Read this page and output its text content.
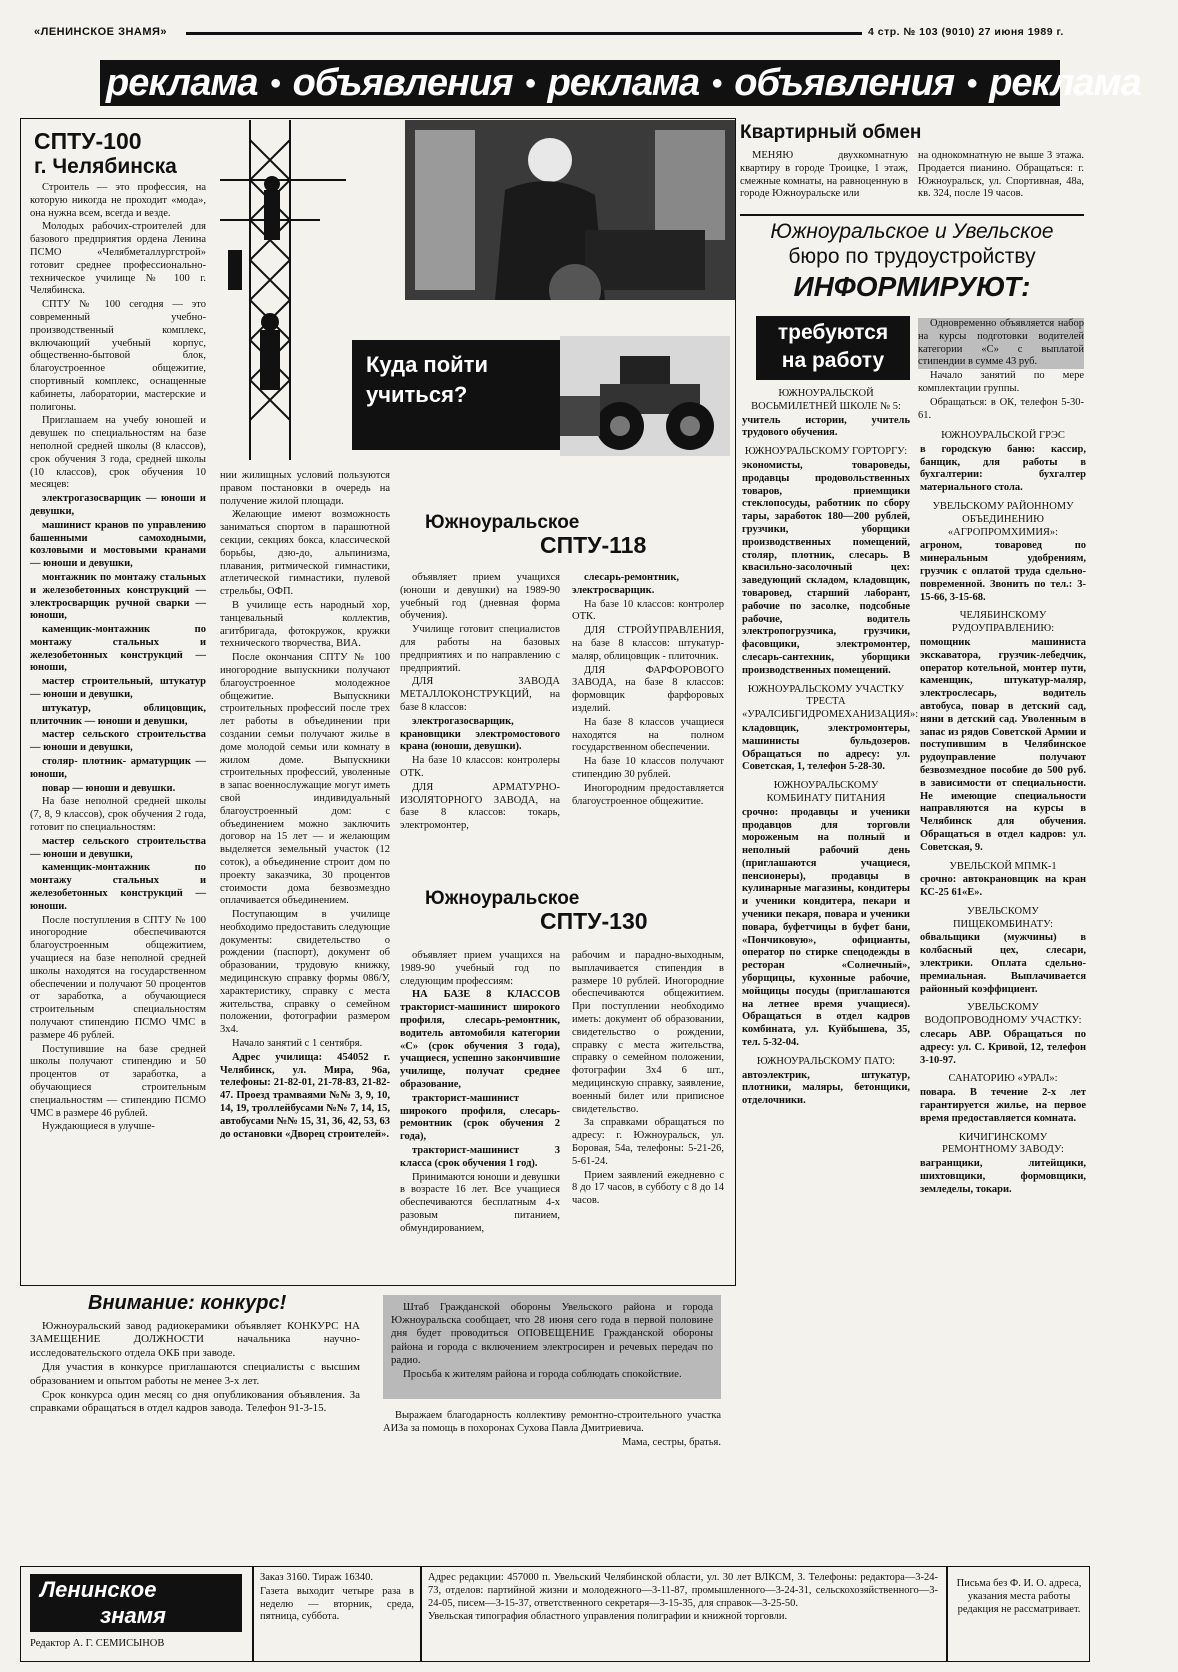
«ЛЕНИНСКОЕ ЗНАМЯ»	4 стр. № 103 (9010) 27 июня 1989 г.
реклама ● объявления ● реклама ● объявления ● реклама
СПТУ-100
г. Челябинска
Куда пойти учиться?

Строитель — это профессия, на которую никогда не проходит «мода», она нужна всем, всегда и везде.

Молодых рабочих-строителей для базового предприятия ордена Ленина ПСМО «Челябметаллургстрой» готовит среднее профессионально-техническое училище № 100 г. Челябинска.

СПТУ № 100 сегодня — это современный учебно-производственный комплекс, включающий учебный корпус, общественно-бытовой блок, благоустроенное общежитие, спортивный комплекс, оснащенные кабинеты, лаборатории, мастерские и полигоны.

Приглашаем на учебу юношей и девушек по специальностям на базе неполной средней школы (8 классов), срок обучения 3 года, средней школы (10 классов), срок обучения 10 месяцев:

электрогазосварщик — юноши и девушки,

машинист кранов по управлению башенными самоходными, козловыми и мостовыми кранами — юноши и девушки,

монтажник по монтажу стальных и железобетонных конструкций — электросварщик ручной сварки — юноши,

каменщик-монтажник по монтажу стальных и железобетонных конструкций — юноши,

мастер строительный, штукатур — юноши и девушки,

штукатур, облицовщик, плиточник — юноши и девушки,

мастер сельского строительства — юноши и девушки,

столяр- плотник- арматурщик — юноши,

повар — юноши и девушки.

На базе неполной средней школы (7, 8, 9 классов), срок обучения 2 года, готовит по специальностям:

мастер сельского строительства — юноши и девушки,

каменщик-монтажник по монтажу стальных и железобетонных конструкций — юноши.

После поступления в СПТУ № 100 иногородние обеспечиваются благоустроенным общежитием, учащиеся на базе неполной средней школы находятся на государственном обеспечении и получают 50 процентов от заработка, а обучающиеся строительным специальностям получают стипендию ПСМО ЧМС в размере 46 рублей.

Поступившие на базе средней школы получают стипендию и 50 процентов от заработка, а обучающиеся строительным специальностям — стипендию ПСМО ЧМС в размере 46 рублей.

Нуждающиеся в улучше-

нии жилищных условий пользуются правом постановки в очередь на получение жилой площади.

Желающие имеют возможность заниматься спортом в парашютной секции, секциях бокса, классической борьбы, дзю-до, альпинизма, плавания, ритмической гимнастики, атлетической гимнастики, пулевой стрельбы, ОФП.

В училище есть народный хор, танцевальный коллектив, агитбригада, фотокружок, кружки технического творчества, ВИА.

После окончания СПТУ № 100 иногородние выпускники получают благоустроенное молодежное общежитие. Выпускники строительных профессий после трех лет работы в объединении при создании семьи получают жилье в доме молодой семьи или комнату в жилом доме. Выпускники строительных профессий, уволенные в запас военнослужащие могут иметь свой индивидуальный благоустроенный дом: с объединением можно заключить договор на 15 лет — и желающим выделяется земельный участок (12 соток), а объединение строит дом по проекту заказчика, 30 процентов стоимости дома безвозмездно оплачивается объединением.

Поступающим в училище необходимо предоставить следующие документы: свидетельство о рождении (паспорт), документ об образовании, трудовую книжку, медицинскую справку формы 086/У, характеристику, справку с места жительства, справку о семейном положении, фотографии размером 3х4.

Начало занятий с 1 сентября.

Адрес училища: 454052 г. Челябинск, ул. Мира, 96а, телефоны: 21-82-01, 21-78-83, 21-82-47. Проезд трамваями №№ 3, 9, 10, 14, 19, троллейбусами №№ 7, 14, 15, автобусами №№ 15, 31, 36, 42, 53, 63 до остановки «Дворец строителей».

Южноуральское
СПТУ-118

объявляет прием учащихся (юноши и девушки) на 1989-90 учебный год (дневная форма обучения).

Училище готовит специалистов для работы на базовых предприятиях и по направлению с предприятий.

ДЛЯ ЗАВОДА МЕТАЛЛОКОНСТРУКЦИЙ, на базе 8 классов:

электрогазосварщик, крановщики электромостового крана (юноши, девушки).

На базе 10 классов: контролеры ОТК.

ДЛЯ АРМАТУРНО-ИЗОЛЯТОРНОГО ЗАВОДА, на базе 8 классов: токарь, электромонтер,

слесарь-ремонтник, электросварщик.

На базе 10 классов: контролер ОТК.

ДЛЯ СТРОЙУПРАВЛЕНИЯ, на базе 8 классов: штукатур-маляр, облицовщик - плиточник.

ДЛЯ ФАРФОРОВОГО ЗАВОДА, на базе 8 классов: формовщик фарфоровых изделий.

На базе 8 классов учащиеся находятся на полном государственном обеспечении.

На базе 10 классов получают стипендию 30 рублей.

Иногородним предоставляется благоустроенное общежитие.

Южноуральское
СПТУ-130

объявляет прием учащихся на 1989-90 учебный год по следующим профессиям:

НА БАЗЕ 8 КЛАССОВ тракторист-машинист широкого профиля, слесарь-ремонтник, водитель автомобиля категории «С» (срок обучения 3 года), учащиеся, успешно закончившие училище, получат среднее образование,

тракторист-машинист широкого профиля, слесарь-ремонтник (срок обучения 2 года),

тракторист-машинист 3 класса (срок обучения 1 год).

Принимаются юноши и девушки в возрасте 16 лет. Все учащиеся обеспечиваются бесплатным 4-х разовым питанием, обмундированием,

рабочим и парадно-выходным, выплачивается стипендия в размере 10 рублей. Иногородние обеспечиваются общежитием. При поступлении необходимо иметь: документ об образовании, свидетельство о рождении, справку с места жительства, справку о семейном положении, фотографии 3х4 6 шт., медицинскую справку, заявление, военный билет или приписное свидетельство.

За справками обращаться по адресу: г. Южноуральск, ул. Боровая, 54а, телефоны: 5-21-26, 5-61-24.

Прием заявлений ежедневно с 8 до 17 часов, в субботу с 8 до 14 часов.

Внимание: конкурс!

Южноуральский завод радиокерамики объявляет КОНКУРС НА ЗАМЕЩЕНИЕ ДОЛЖНОСТИ начальника научно-исследовательского отдела ОКБ при заводе.

Для участия в конкурсе приглашаются специалисты с высшим образованием и опытом работы не менее 3-х лет.

Срок конкурса один месяц со дня опубликования объявления. За справками обращаться в отдел кадров завода. Телефон 91-3-15.

Штаб Гражданской обороны Увельского района и города Южноуральска сообщает, что 28 июня сего года в первой половине дня будет проводиться ОПОВЕЩЕНИЕ Гражданской обороны района и города с включением электросирен и речевых передач по радио.

Просьба к жителям района и города соблюдать спокойствие.

Выражаем благодарность коллективу ремонтно-строительного участка АИЗа за помощь в похоронах Сухова Павла Дмитриевича.

Мама, сестры, братья.

Квартирный обмен

МЕНЯЮ двухкомнатную квартиру в городе Троицке, 1 этаж, смежные комнаты, на равноценную в городе Южноуральске или

на однокомнатную не выше 3 этажа. Продается пианино. Обращаться: г. Южноуральск, ул. Спортивная, 48а, кв. 324, после 19 часов.

Южноуральское и Увельское
бюро по трудоустройству
ИНФОРМИРУЮТ:
требуются
на работу

Одновременно объявляется набор на курсы подготовки водителей категории «С» с выплатой стипендии в сумме 43 руб.

Начало занятий по мере комплектации группы.

Обращаться: в ОК, телефон 5-30-61.

ЮЖНОУРАЛЬСКОЙ ВОСЬМИЛЕТНЕЙ ШКОЛЕ № 5:

учитель истории, учитель трудового обучения.

ЮЖНОУРАЛЬСКОМУ ГОРТОРГУ:

экономисты, товароведы, продавцы продовольственных товаров, приемщики стеклопосуды, работник по сбору тары, заработок 180—200 рублей, грузчики, уборщики производственных помещений, столяр, плотник, слесарь. В квасильно-засолочный цех: заведующий складом, кладовщик, товаровед, старший лаборант, рабочие по засолке, подсобные рабочие, водитель электропогрузчика, грузчики, фасовщики, электромонтер, слесарь-сантехник, уборщики производственных помещений.

ЮЖНОУРАЛЬСКОМУ УЧАСТКУ ТРЕСТА «УРАЛСИБГИДРОМЕХАНИЗАЦИЯ»:

кладовщик, электромонтеры, машинисты бульдозеров. Обращаться по адресу: ул. Советская, 1, телефон 5-28-30.

ЮЖНОУРАЛЬСКОМУ КОМБИНАТУ ПИТАНИЯ

срочно: продавцы и ученики продавцов для торговли мороженым на полный и неполный рабочий день (приглашаются учащиеся, пенсионеры), продавцы в кулинарные магазины, кондитеры и ученики кондитера, пекари и ученики пекаря, повара и ученики повара, буфетчицы в буфет бани, «Пончиковую», официанты, оператор по стирке спецодежды в ресторан «Солнечный», уборщицы, кухонные рабочие, мойщицы посуды (приглашаются на летнее время учащиеся). Обращаться в отдел кадров комбината, ул. Куйбышева, 35, тел. 5-32-04.

ЮЖНОУРАЛЬСКОМУ ПАТО:

автоэлектрик, штукатур, плотники, маляры, бетонщики, отделочники.

ЮЖНОУРАЛЬСКОЙ ГРЭС

в городскую баню: кассир, банщик, для работы в бухгалтерии: бухгалтер материального стола.

УВЕЛЬСКОМУ РАЙОННОМУ ОБЪЕДИНЕНИЮ «АГРОПРОМХИМИЯ»:

агроном, товаровед по минеральным удобрениям, грузчик с оплатой труда сдельно-повременной. Звонить по тел.: 3-15-66, 3-15-68.

ЧЕЛЯБИНСКОМУ РУДОУПРАВЛЕНИЮ:

помощник машиниста экскаватора, грузчик-лебедчик, оператор котельной, монтер пути, каменщик, штукатур-маляр, электрослесарь, водитель автобуса, повар в детский сад, няни в детский сад. Уволенным в запас из рядов Советской Армии и поступившим в Челябинское рудоуправление получают безвозмездное пособие до 500 руб. в зависимости от специальности. Не имеющие специальности направляются на курсы в Челябинск для обучения. Обращаться в отдел кадров: ул. Советская, 9.

УВЕЛЬСКОЙ МПМК-1

срочно: автокрановщик на кран КС-25 61«Е».

УВЕЛЬСКОМУ ПИЩЕКОМБИНАТУ:

обвальщики (мужчины) в колбасный цех, слесари, электрики. Оплата сдельно-премиальная. Выплачивается районный коэффициент.

УВЕЛЬСКОМУ ВОДОПРОВОДНОМУ УЧАСТКУ:

слесарь АВР. Обращаться по адресу: ул. С. Кривой, 12, телефон 3-10-97.

САНАТОРИЮ «УРАЛ»:

повара. В течение 2-х лет гарантируется жилье, на первое время предоставляется комната.

КИЧИГИНСКОМУ РЕМОНТНОМУ ЗАВОДУ:

вагранщики, литейщики, шихтовщики, формовщики, земледелы, токари.

Ленинское
знамя
Редактор А. Г. СЕМИСЫНОВ

Заказ 3160. Тираж 16340.

Газета выходит четыре раза в неделю — вторник, среда, пятница, суббота.

Адрес редакции: 457000 п. Увельский Челябинской области, ул. 30 лет ВЛКСМ, 3. Телефоны: редактора—3-24-73, отделов: партийной жизни и молодежного—3-11-87, промышленного—3-24-31, сельскохозяйственного—3-24-05, писем—3-15-37, ответственного секретаря—3-15-35, для справок—3-25-50.

Увельская типография областного управления полиграфии и книжной торговли.

Письма без Ф. И. О. адреса, указания места работы редакция не рассматривает.
